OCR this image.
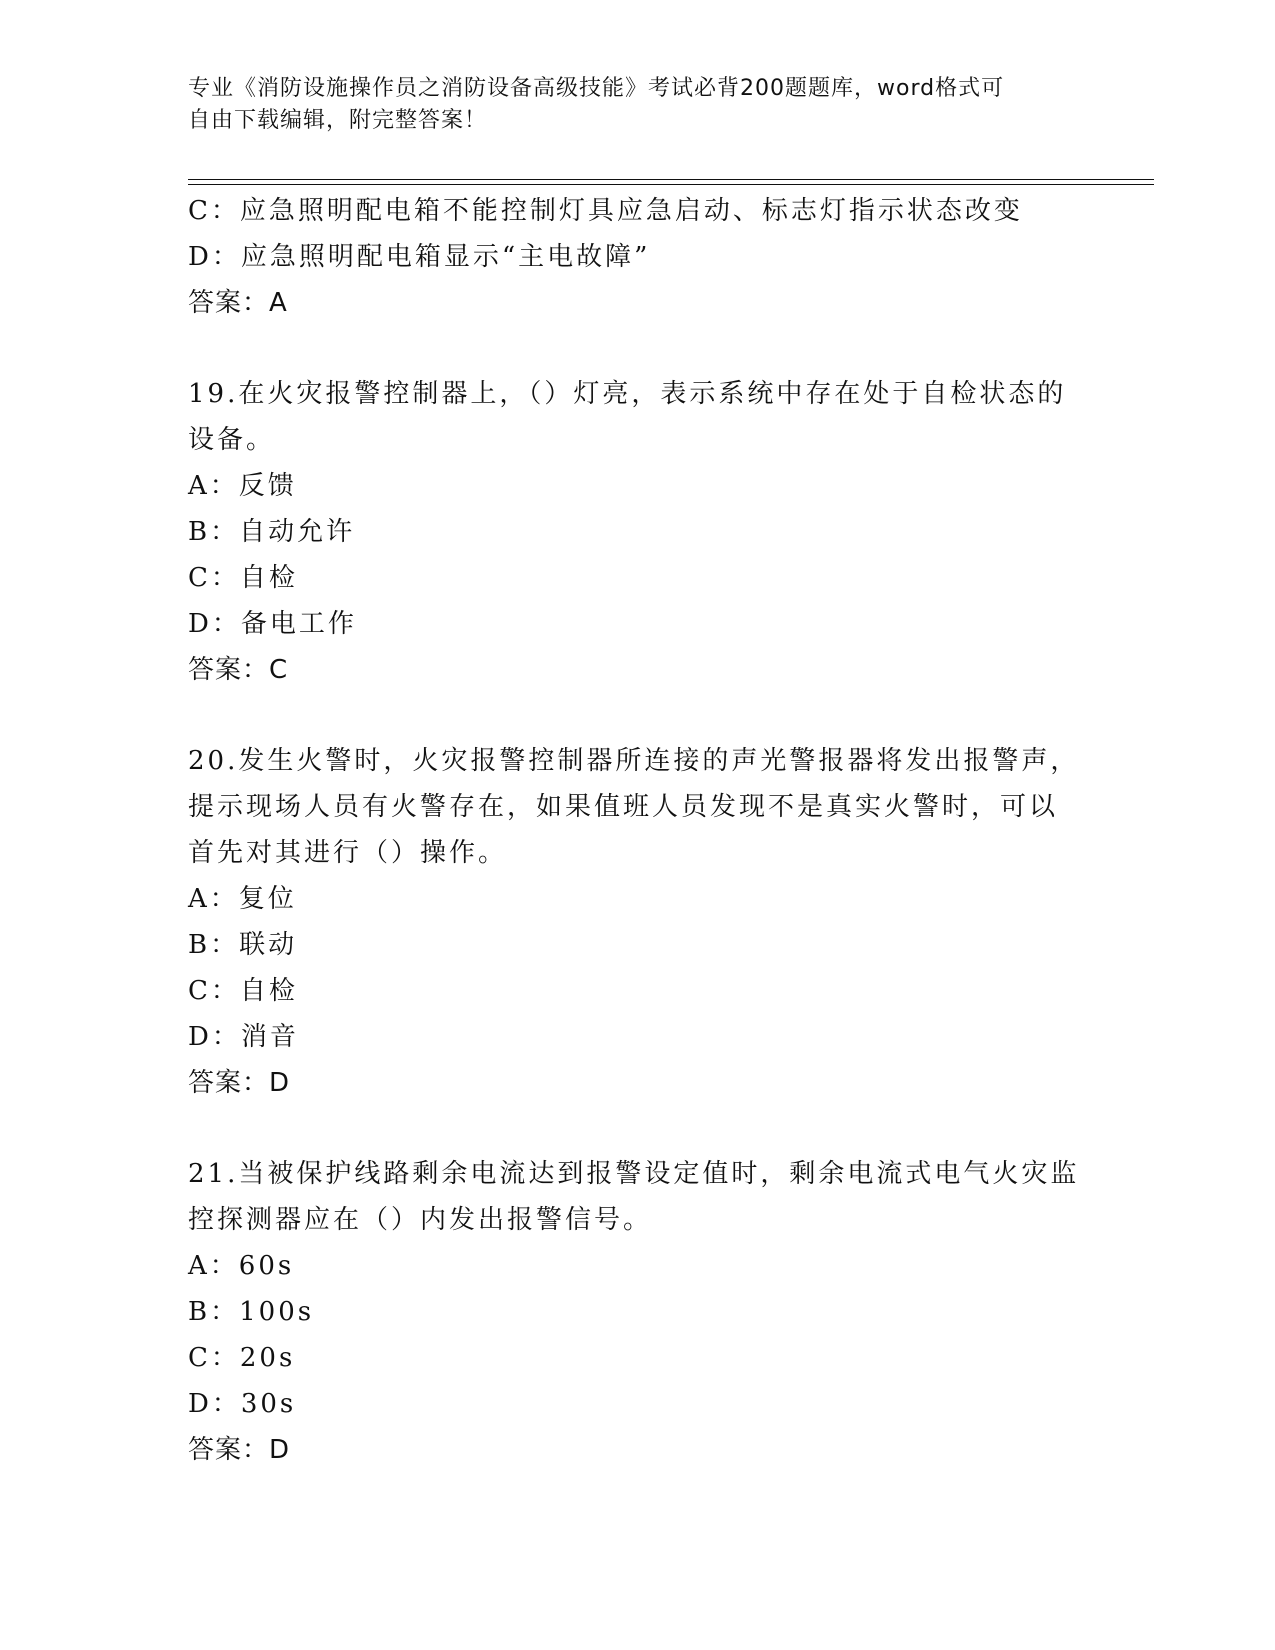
专业《消防设施操作员之消防设备高级技能》考试必背200题题库，word格式可
自由下载编辑，附完整答案！
C：应急照明配电箱不能控制灯具应急启动、标志灯指示状态改变
D：应急照明配电箱显示“主电故障”
答案：A
19.在火灾报警控制器上，（）灯亮，表示系统中存在处于自检状态的
设备。
A：反馈
B：自动允许
C：自检
D：备电工作
答案：C
20.发生火警时，火灾报警控制器所连接的声光警报器将发出报警声，
提示现场人员有火警存在，如果值班人员发现不是真实火警时，可以
首先对其进行（）操作。
A：复位
B：联动
C：自检
D：消音
答案：D
21.当被保护线路剩余电流达到报警设定值时，剩余电流式电气火灾监
控探测器应在（）内发出报警信号。
A：60s
B：100s
C：20s
D：30s
答案：D
